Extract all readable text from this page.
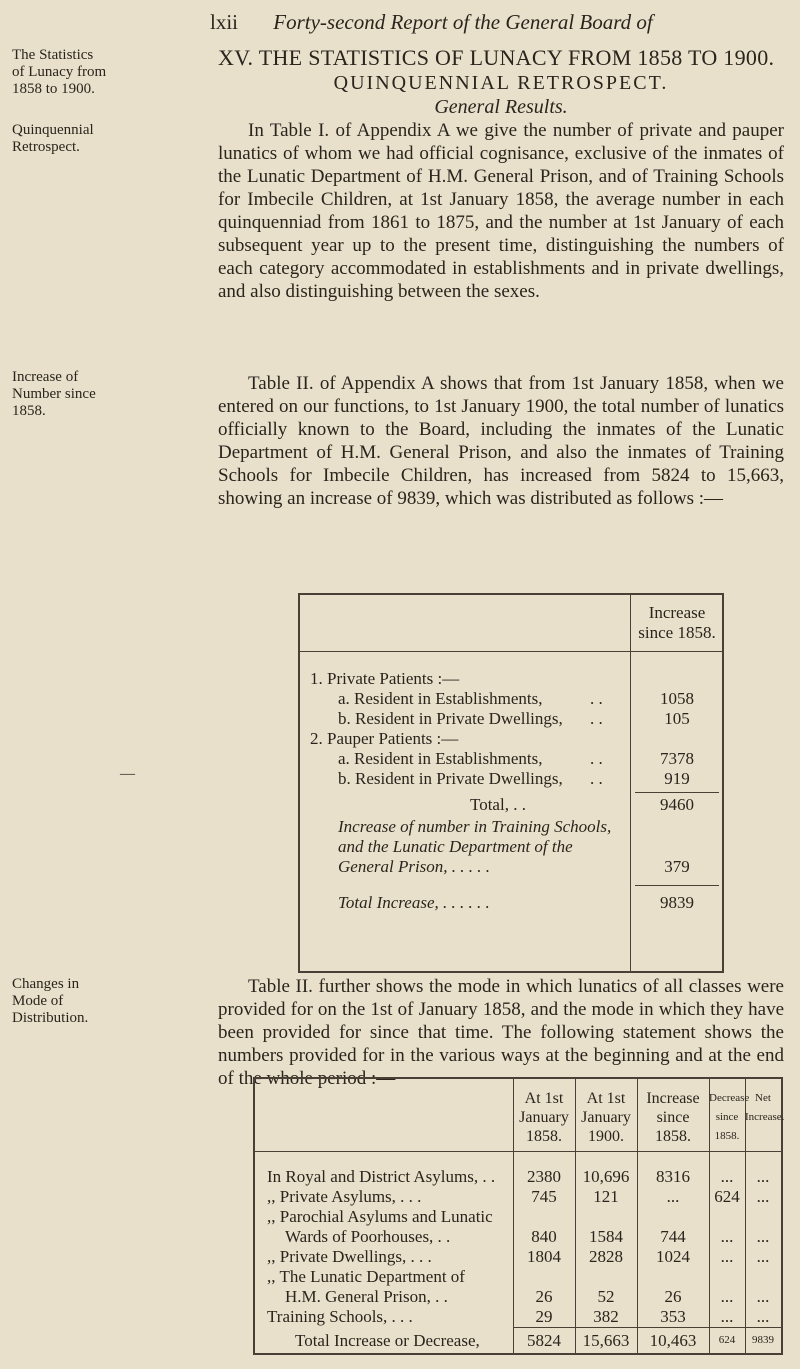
lxii Forty-second Report of the General Board of
The Statistics of Lunacy from 1858 to 1900.
Quinquennial Retrospect.
Increase of Number since 1858.
—
Changes in Mode of Distribution.
XV. THE STATISTICS OF LUNACY FROM 1858 TO 1900.
QUINQUENNIAL RETROSPECT.
General Results.

In Table I. of Appendix A we give the number of private and pauper lunatics of whom we had official cognisance, exclusive of the inmates of the Lunatic Department of H.M. General Prison, and of Training Schools for Imbecile Children, at 1st January 1858, the average number in each quinquenniad from 1861 to 1875, and the number at 1st January of each subsequent year up to the present time, distinguishing the numbers of each category accommodated in establishments and in private dwellings, and also distinguishing between the sexes.

Table II. of Appendix A shows that from 1st January 1858, when we entered on our functions, to 1st January 1900, the total number of lunatics officially known to the Board, including the inmates of the Lunatic Department of H.M. General Prison, and also the inmates of Training Schools for Imbecile Children, has increased from 5824 to 15,663, showing an increase of 9839, which was distributed as follows :—

Increase since 1858.
1. Private Patients :—
a. Resident in Establishments,	. .	1058
b. Resident in Private Dwellings, . .	105
2. Pauper Patients :—
a. Resident in Establishments,	. .	7378
b. Resident in Private Dwellings, . .	919
Total, . .	9460
Increase of number in Training Schools,
and the Lunatic Department of the
General Prison, . . . . .	379
Total Increase, . . . . . .	9839

Table II. further shows the mode in which lunatics of all classes were provided for on the 1st of January 1858, and the mode in which they have been provided for since that time. The following statement shows the numbers provided for in the various ways at the beginning and at the end of the whole period :—

At 1st
January
1858.
At 1st
January
1900.
Increase
since
1858.
Decrease
since
1858.
Net
Increase.
In Royal and District Asylums, . .	2380	10,696	8316	...	...
,, Private Asylums, . . .	745	121	...	624 ...
,, Parochial Asylums and Lunatic
Wards of Poorhouses, . .	840	1584	744	...	...
,, Private Dwellings, . . .	1804	2828	1024	...	...
,, The Lunatic Department of
H.M. General Prison, . .	26	52	26	...	...
Training Schools, . . .	29	382	353	...	...
Total Increase or Decrease,	5824	15,663	10,463	624	9839
